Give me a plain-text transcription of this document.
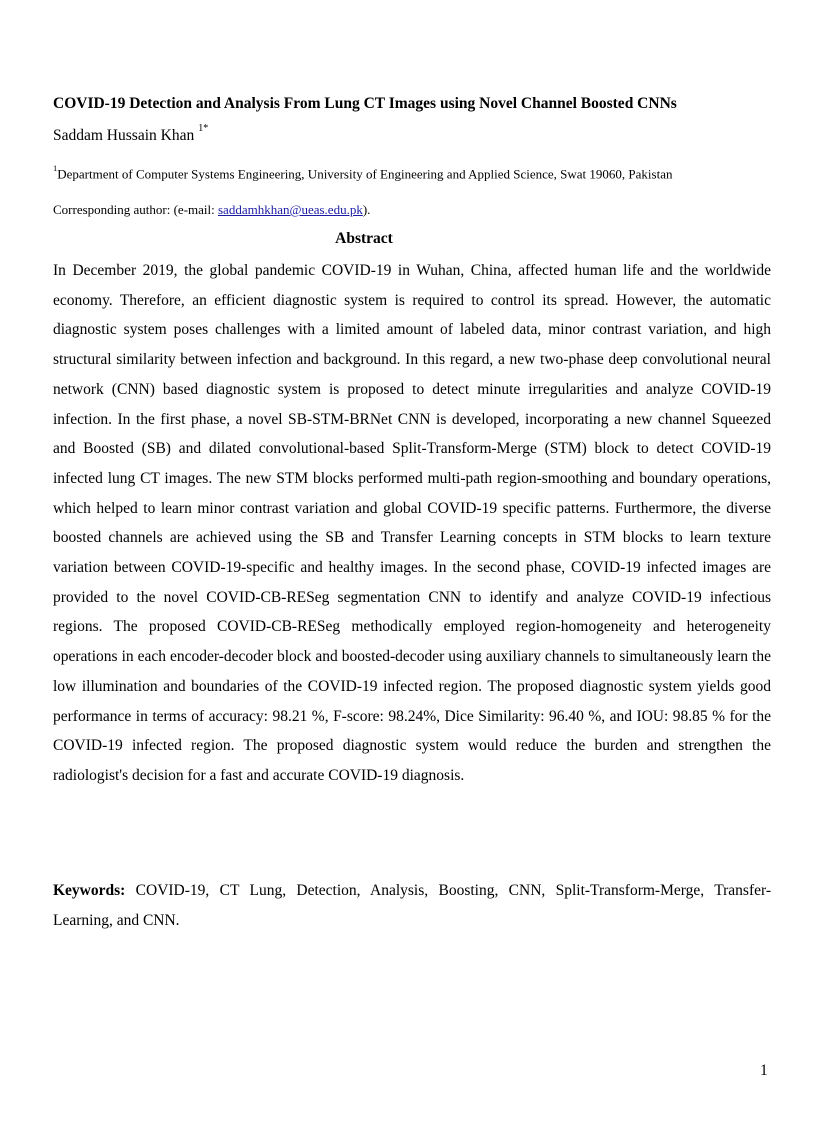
COVID-19 Detection and Analysis From Lung CT Images using Novel Channel Boosted CNNs
Saddam Hussain Khan $^{1*}$
$^1$Department of Computer Systems Engineering, University of Engineering and Applied Science, Swat 19060, Pakistan
Corresponding author: (e-mail: saddamhkhan@ueas.edu.pk).
Abstract

In December 2019, the global pandemic COVID-19 in Wuhan, China, affected human life and the worldwide economy. Therefore, an efficient diagnostic system is required to control its spread. However, the automatic diagnostic system poses challenges with a limited amount of labeled data, minor contrast variation, and high structural similarity between infection and background. In this regard, a new two-phase deep convolutional neural network (CNN) based diagnostic system is proposed to detect minute irregularities and analyze COVID-19 infection. In the first phase, a novel SB-STM-BRNet CNN is developed, incorporating a new channel Squeezed and Boosted (SB) and dilated convolutional-based Split-Transform-Merge (STM) block to detect COVID-19 infected lung CT images. The new STM blocks performed multi-path region-smoothing and boundary operations, which helped to learn minor contrast variation and global COVID-19 specific patterns. Furthermore, the diverse boosted channels are achieved using the SB and Transfer Learning concepts in STM blocks to learn texture variation between COVID-19-specific and healthy images. In the second phase, COVID-19 infected images are provided to the novel COVID-CB-RESeg segmentation CNN to identify and analyze COVID-19 infectious regions. The proposed COVID-CB-RESeg methodically employed region-homogeneity and heterogeneity operations in each encoder-decoder block and boosted-decoder using auxiliary channels to simultaneously learn the low illumination and boundaries of the COVID-19 infected region. The proposed diagnostic system yields good performance in terms of accuracy: 98.21 %, F-score: 98.24%, Dice Similarity: 96.40 %, and IOU: 98.85 % for the COVID-19 infected region. The proposed diagnostic system would reduce the burden and strengthen the radiologist's decision for a fast and accurate COVID-19 diagnosis.

Keywords: COVID-19, CT Lung, Detection, Analysis, Boosting, CNN, Split-Transform-Merge, Transfer-Learning, and CNN.

1
